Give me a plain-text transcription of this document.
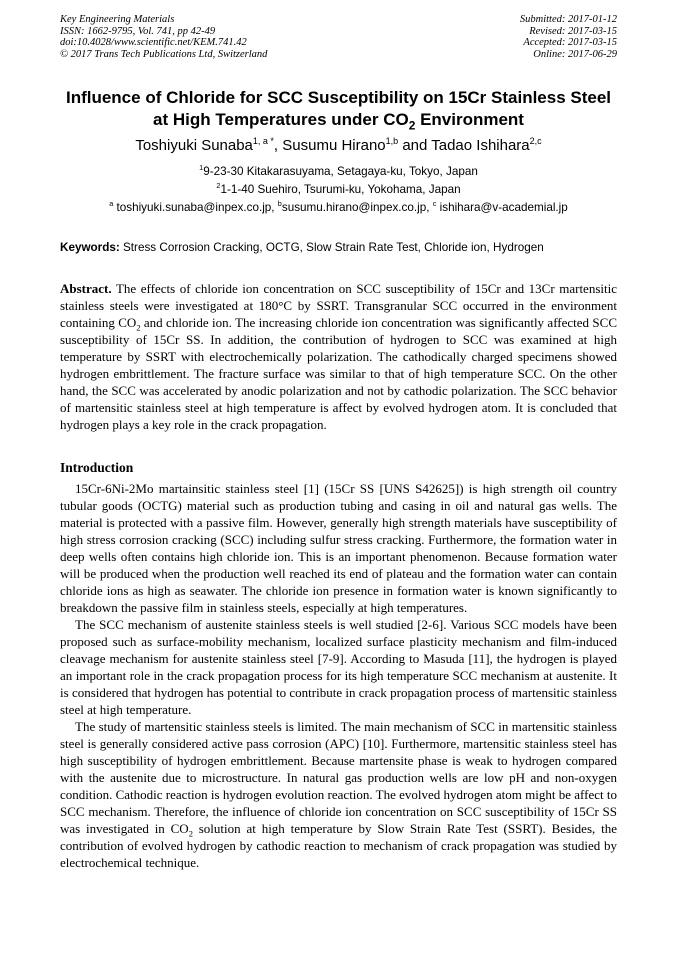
Key Engineering Materials
ISSN: 1662-9795, Vol. 741, pp 42-49
doi:10.4028/www.scientific.net/KEM.741.42
© 2017 Trans Tech Publications Ltd, Switzerland
Submitted: 2017-01-12
Revised: 2017-03-15
Accepted: 2017-03-15
Online: 2017-06-29
Influence of Chloride for SCC Susceptibility on 15Cr Stainless Steel
at High Temperatures under $CO_2$ Environment
Toshiyuki Sunaba$^{1, a *}$, Susumu Hirano$^{1,b}$ and Tadao Ishihara$^{2,c}$
$^1$9-23-30 Kitakarasuyama, Setagaya-ku, Tokyo, Japan
$^2$1-1-40 Suehiro, Tsurumi-ku, Yokohama, Japan
$^a$ toshiyuki.sunaba@inpex.co.jp, $^b$susumu.hirano@inpex.co.jp, $^c$ ishihara@v-academial.jp

Keywords: Stress Corrosion Cracking, OCTG, Slow Strain Rate Test, Chloride ion, Hydrogen

Abstract. The effects of chloride ion concentration on SCC susceptibility of 15Cr and 13Cr martensitic stainless steels were investigated at 180°C by SSRT. Transgranular SCC occurred in the environment containing $CO_2$ and chloride ion. The increasing chloride ion concentration was significantly affected SCC susceptibility of 15Cr SS. In addition, the contribution of hydrogen to SCC was examined at high temperature by SSRT with electrochemically polarization. The cathodically charged specimens showed hydrogen embrittlement. The fracture surface was similar to that of high temperature SCC. On the other hand, the SCC was accelerated by anodic polarization and not by cathodic polarization. The SCC behavior of martensitic stainless steel at high temperature is affect by evolved hydrogen atom. It is concluded that hydrogen plays a key role in the crack propagation.

Introduction

15Cr-6Ni-2Mo martainsitic stainless steel [1] (15Cr SS [UNS S42625]) is high strength oil country tubular goods (OCTG) material such as production tubing and casing in oil and natural gas wells. The material is protected with a passive film. However, generally high strength materials have susceptibility of high stress corrosion cracking (SCC) including sulfur stress cracking. Furthermore, the formation water in deep wells often contains high chloride ion. This is an important phenomenon. Because formation water will be produced when the production well reached its end of plateau and the formation water can contain chloride ions as high as seawater. The chloride ion presence in formation water is known significantly to breakdown the passive film in stainless steels, especially at high temperatures.

The SCC mechanism of austenite stainless steels is well studied [2-6]. Various SCC models have been proposed such as surface-mobility mechanism, localized surface plasticity mechanism and film-induced cleavage mechanism for austenite stainless steel [7-9]. According to Masuda [11], the hydrogen is played an important role in the crack propagation process for its high temperature SCC mechanism at austenite. It is considered that hydrogen has potential to contribute in crack propagation process of martensitic stainless steel at high temperature.

The study of martensitic stainless steels is limited. The main mechanism of SCC in martensitic stainless steel is generally considered active pass corrosion (APC) [10]. Furthermore, martensitic stainless steel has high susceptibility of hydrogen embrittlement. Because martensite phase is weak to hydrogen compared with the austenite due to microstructure. In natural gas production wells are low pH and non-oxygen condition. Cathodic reaction is hydrogen evolution reaction. The evolved hydrogen atom might be affect to SCC mechanism. Therefore, the influence of chloride ion concentration on SCC susceptibility of 15Cr SS was investigated in $CO_2$ solution at high temperature by Slow Strain Rate Test (SSRT). Besides, the contribution of evolved hydrogen by cathodic reaction to mechanism of crack propagation was studied by electrochemical technique.
